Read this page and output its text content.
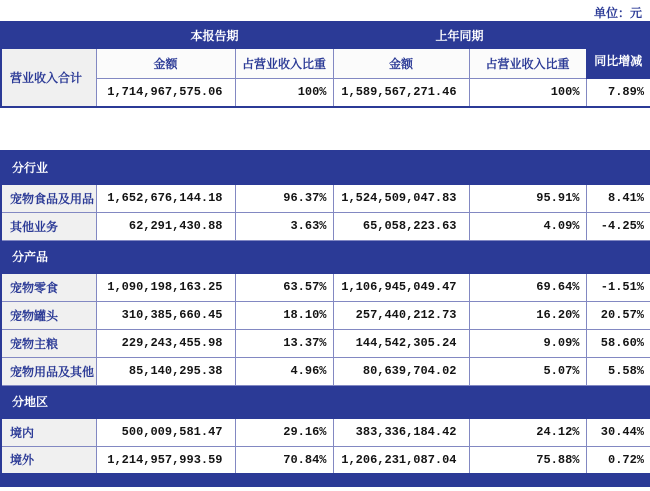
单位：元
	本报告期		上年同期		同比增减
营业收入合计	金额	占营业收入比重	金额	占营业收入比重	
	1,714,967,575.06	100%	1,589,567,271.46	100%	7.89%
分行业					
宠物食品及用品	1,652,676,144.18	96.37%	1,524,509,047.83	95.91%	8.41%
其他业务	62,291,430.88	3.63%	65,058,223.63	4.09%	-4.25%
分产品					
宠物零食	1,090,198,163.25	63.57%	1,106,945,049.47	69.64%	-1.51%
宠物罐头	310,385,660.45	18.10%	257,440,212.73	16.20%	20.57%
宠物主粮	229,243,455.98	13.37%	144,542,305.24	9.09%	58.60%
宠物用品及其他	85,140,295.38	4.96%	80,639,704.02	5.07%	5.58%
分地区					
境内	500,009,581.47	29.16%	383,336,184.42	24.12%	30.44%
境外	1,214,957,993.59	70.84%	1,206,231,087.04	75.88%	0.72%
